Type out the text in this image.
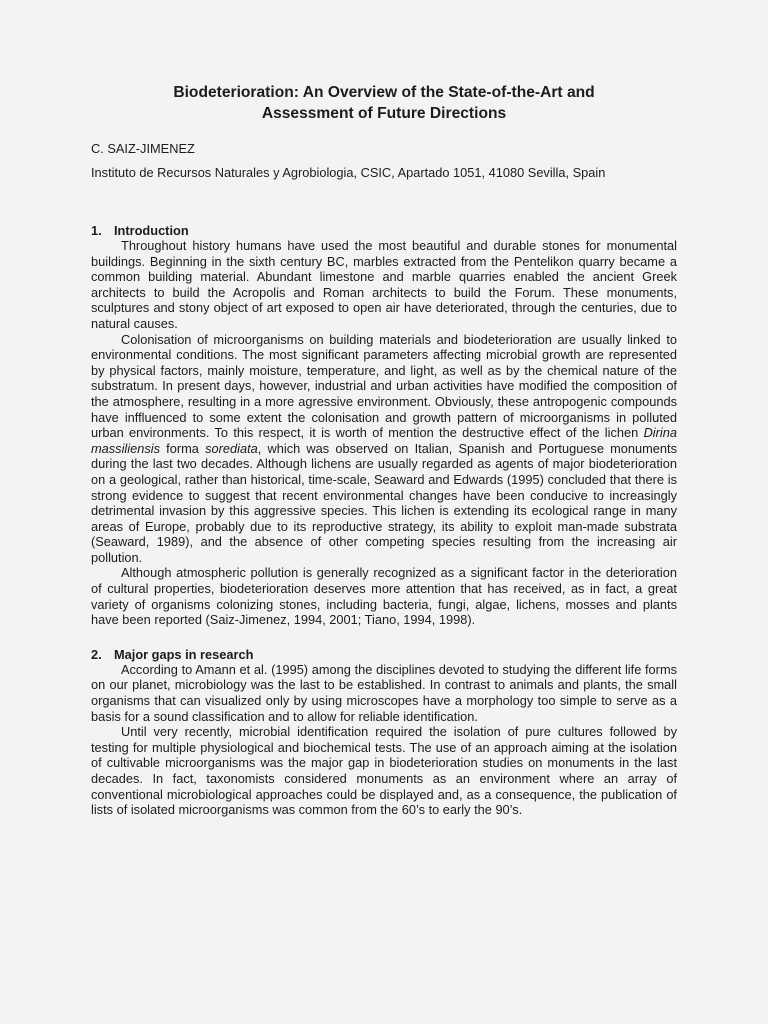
Biodeterioration: An Overview of the State-of-the-Art and
Assessment of Future Directions

C. SAIZ-JIMENEZ

Instituto de Recursos Naturales y Agrobiologia, CSIC, Apartado 1051, 41080 Sevilla, Spain

1. Introduction

Throughout history humans have used the most beautiful and durable stones for monumental buildings. Beginning in the sixth century BC, marbles extracted from the Pentelikon quarry became a common building material. Abundant limestone and marble quarries enabled the ancient Greek architects to build the Acropolis and Roman architects to build the Forum. These monuments, sculptures and stony object of art exposed to open air have deteriorated, through the centuries, due to natural causes.

Colonisation of microorganisms on building materials and biodeterioration are usually linked to environmental conditions. The most significant parameters affecting microbial growth are represented by physical factors, mainly moisture, temperature, and light, as well as by the chemical nature of the substratum. In present days, however, industrial and urban activities have modified the composition of the atmosphere, resulting in a more agressive environment. Obviously, these antropogenic compounds have inffluenced to some extent the colonisation and growth pattern of microorganisms in polluted urban environments. To this respect, it is worth of mention the destructive effect of the lichen Dirina massiliensis forma sorediata, which was observed on Italian, Spanish and Portuguese monuments during the last two decades. Although lichens are usually regarded as agents of major biodeterioration on a geological, rather than historical, time-scale, Seaward and Edwards (1995) concluded that there is strong evidence to suggest that recent environmental changes have been conducive to increasingly detrimental invasion by this aggressive species. This lichen is extending its ecological range in many areas of Europe, probably due to its reproductive strategy, its ability to exploit man-made substrata (Seaward, 1989), and the absence of other competing species resulting from the increasing air pollution.

Although atmospheric pollution is generally recognized as a significant factor in the deterioration of cultural properties, biodeterioration deserves more attention that has received, as in fact, a great variety of organisms colonizing stones, including bacteria, fungi, algae, lichens, mosses and plants have been reported (Saiz-Jimenez, 1994, 2001; Tiano, 1994, 1998).

2. Major gaps in research

According to Amann et al. (1995) among the disciplines devoted to studying the different life forms on our planet, microbiology was the last to be established. In contrast to animals and plants, the small organisms that can visualized only by using microscopes have a morphology too simple to serve as a basis for a sound classification and to allow for reliable identification.

Until very recently, microbial identification required the isolation of pure cultures followed by testing for multiple physiological and biochemical tests. The use of an approach aiming at the isolation of cultivable microorganisms was the major gap in biodeterioration studies on monuments in the last decades. In fact, taxonomists considered monuments as an environment where an array of conventional microbiological approaches could be displayed and, as a consequence, the publication of lists of isolated microorganisms was common from the 60’s to early the 90’s.
